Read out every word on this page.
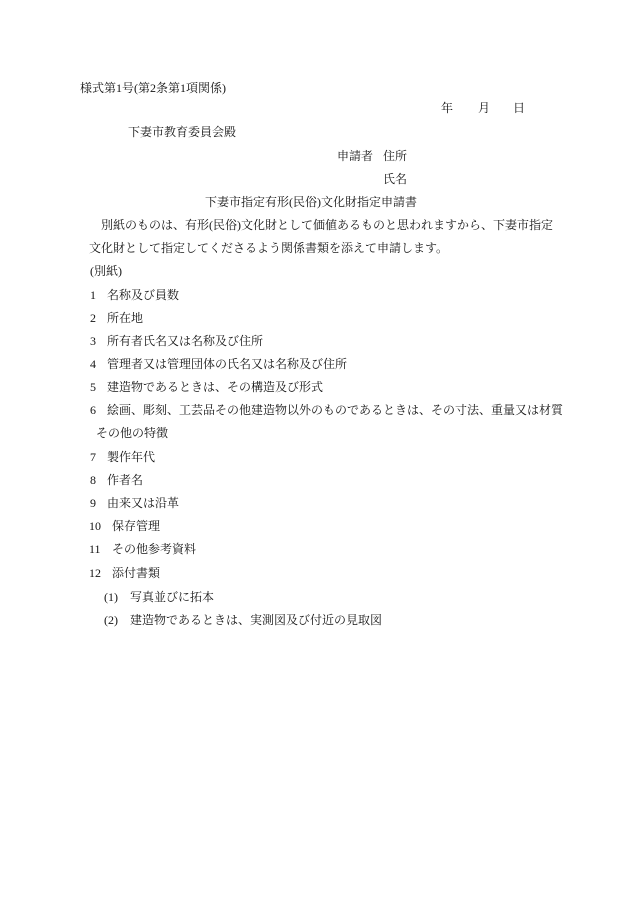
様式第1号(第2条第1項関係)
年 月 日
下妻市教育委員会殿
申請者 住所
氏名
下妻市指定有形(民俗)文化財指定申請書
別紙のものは、有形(民俗)文化財として価値あるものと思われますから、下妻市指定
文化財として指定してくださるよう関係書類を添えて申請します。
(別紙)
1 名称及び員数
2 所在地
3 所有者氏名又は名称及び住所
4 管理者又は管理団体の氏名又は名称及び住所
5 建造物であるときは、その構造及び形式
6 絵画、彫刻、工芸品その他建造物以外のものであるときは、その寸法、重量又は材質
その他の特徴
7 製作年代
8 作者名
9 由来又は沿革
10 保存管理
11 その他参考資料
12 添付書類
(1) 写真並びに拓本
(2) 建造物であるときは、実測図及び付近の見取図
